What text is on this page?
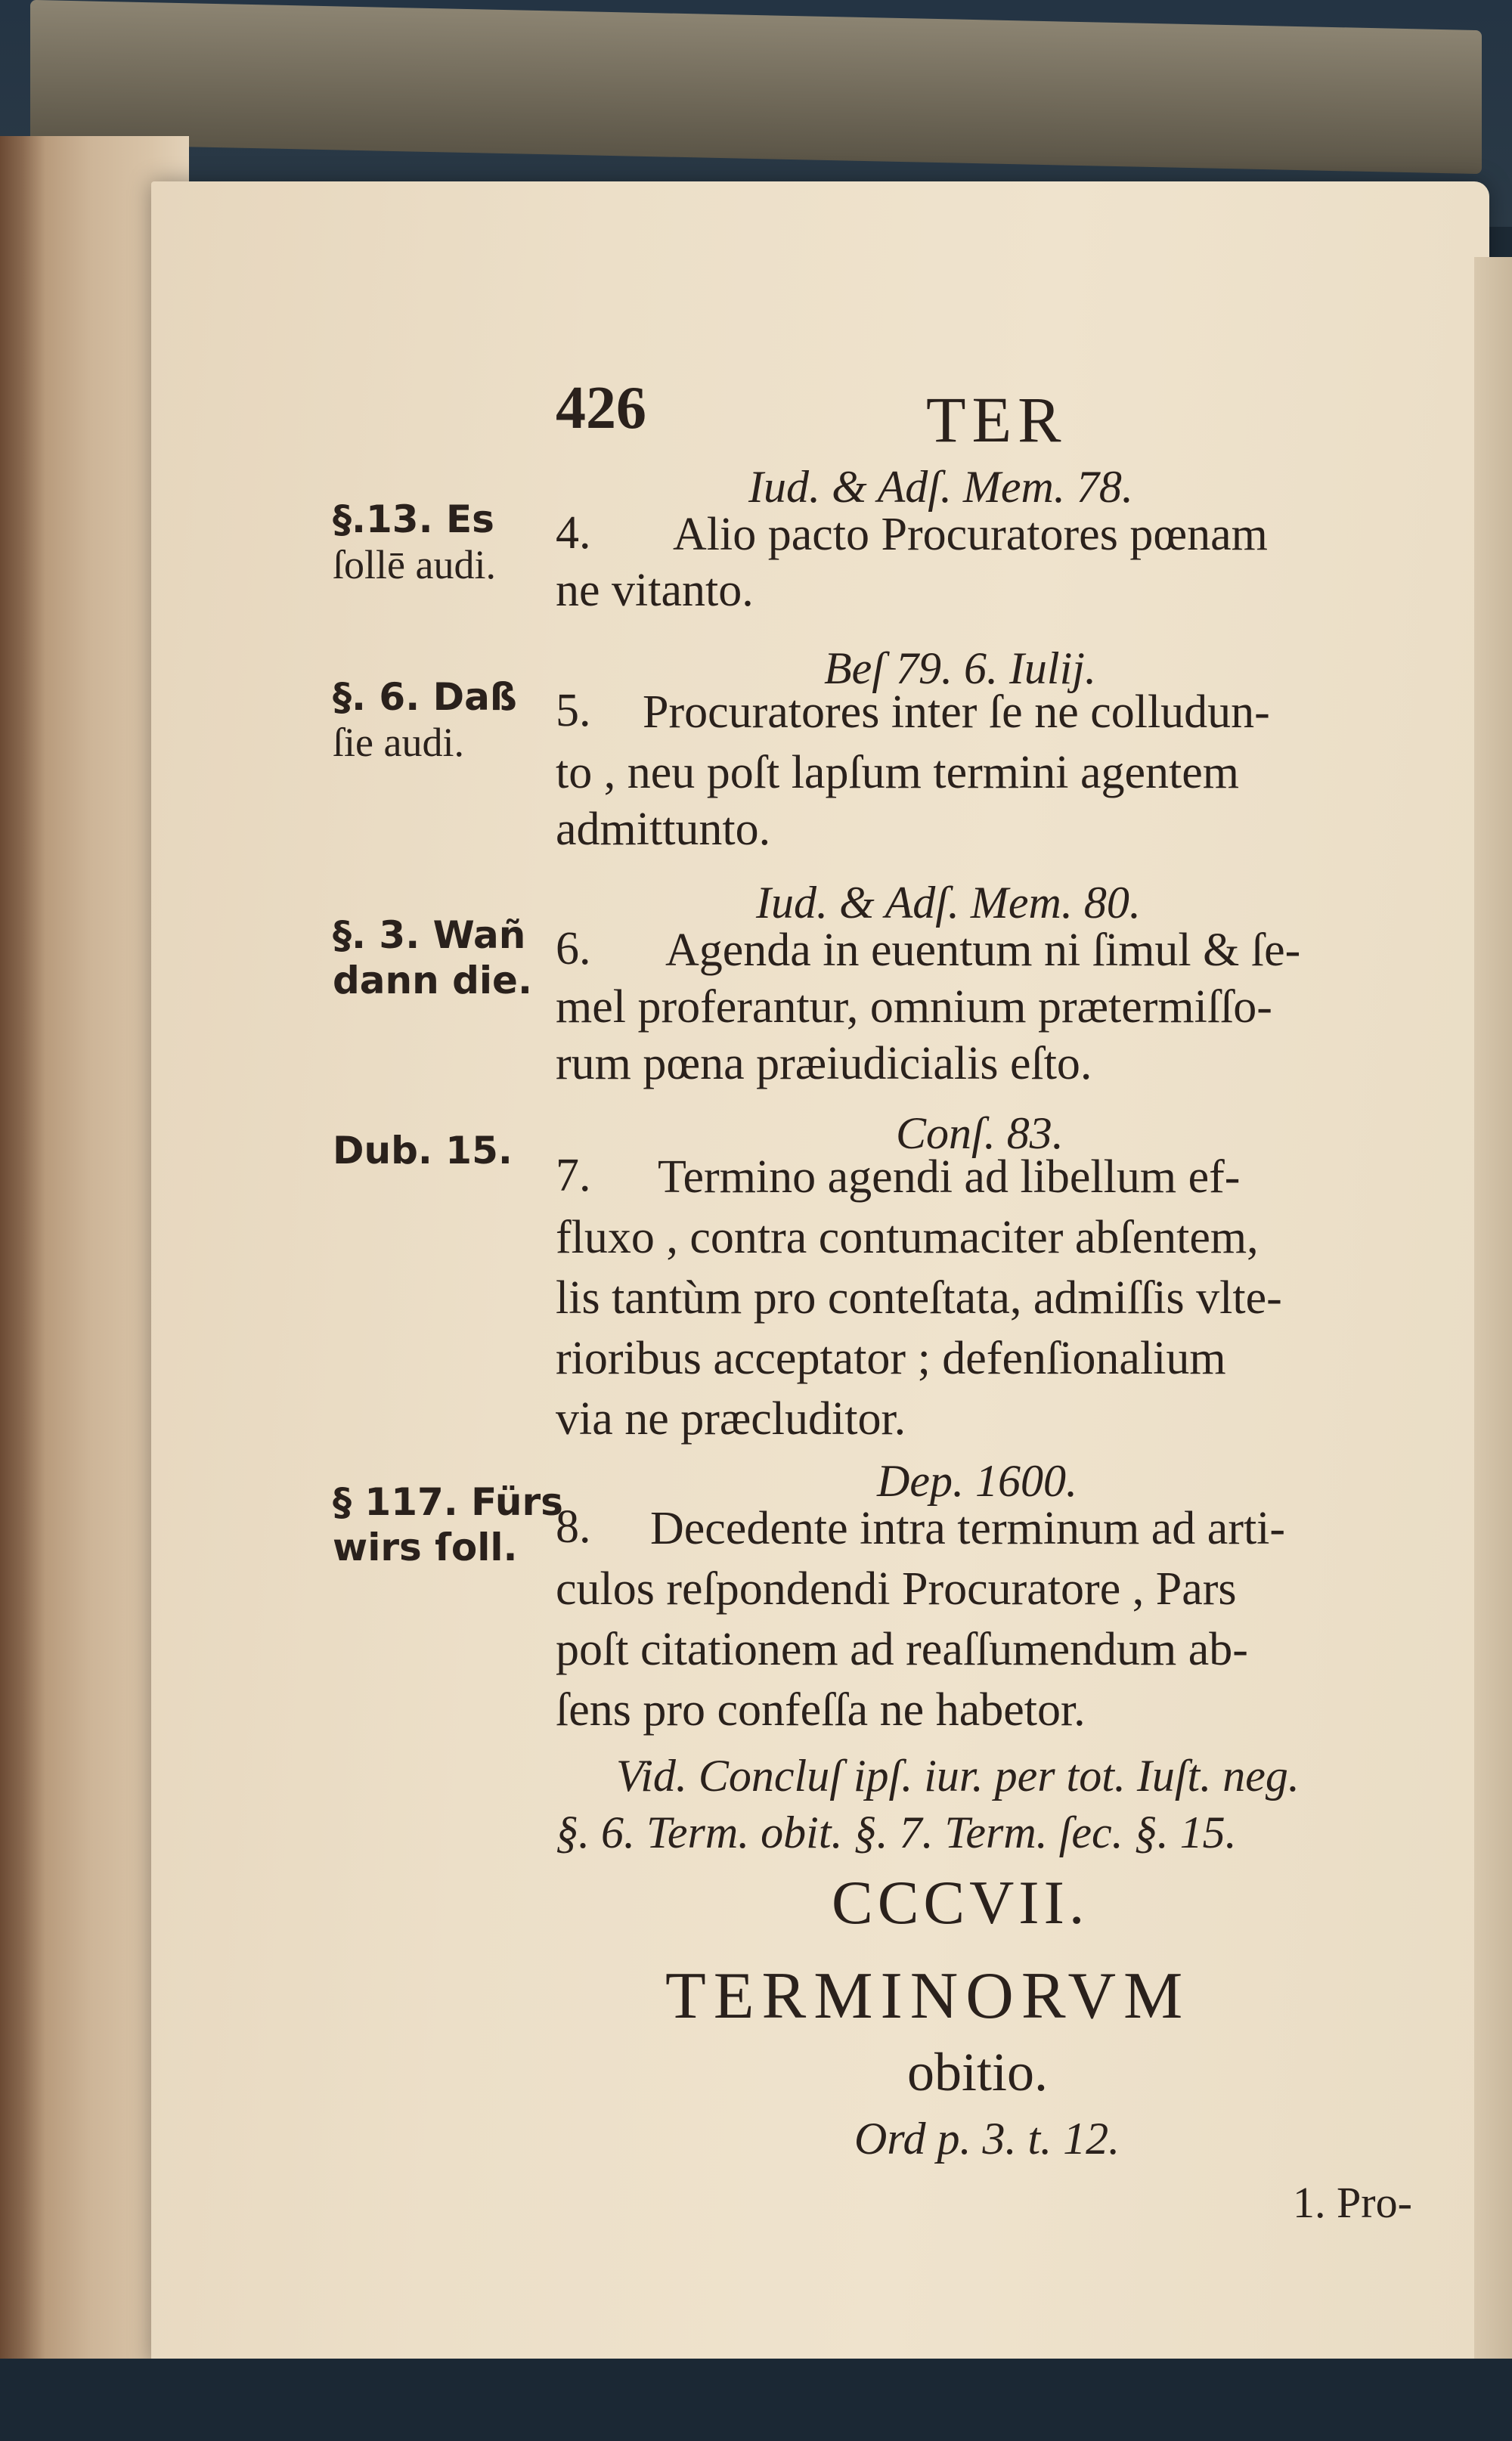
426	TER
Iud. & Adſ. Mem. 78.
§.13. Es
ſollē audi.
4. Alio pacto Procuratores pœnam
ne vitanto.
Beſ 79. 6. Iulij.
§. 6. Daß
ſie audi.
5. Procuratores inter ſe ne colludun-
to , neu poſt lapſum termini agentem
admittunto.
Iud. & Adſ. Mem. 80.
§. 3. Wañ
dann die.
6. Agenda in euentum ni ſimul & ſe-
mel proferantur, omnium prætermiſſo-
rum pœna præiudicialis eſto.
Conſ. 83.
Dub. 15. 7. Termino agendi ad libellum ef-
fluxo , contra contumaciter abſentem,
lis tantùm pro conteſtata, admiſſis vlte-
rioribus acceptator ; defenſionalium
via ne præcluditor.
Dep. 1600.
§ 117. Fürs
wirs ſoll. 8. Decedente intra terminum ad arti-
culos reſpondendi Procuratore , Pars
poſt citationem ad reaſſumendum ab-
ſens pro confeſſa ne habetor.
Vid. Concluſ ipſ. iur. per tot. Iuſt. neg.
§. 6. Term. obit. §. 7. Term. ſec. §. 15.
CCCVII.
TERMINORVM
obitio.
Ord p. 3. t. 12.
1. Pro-
